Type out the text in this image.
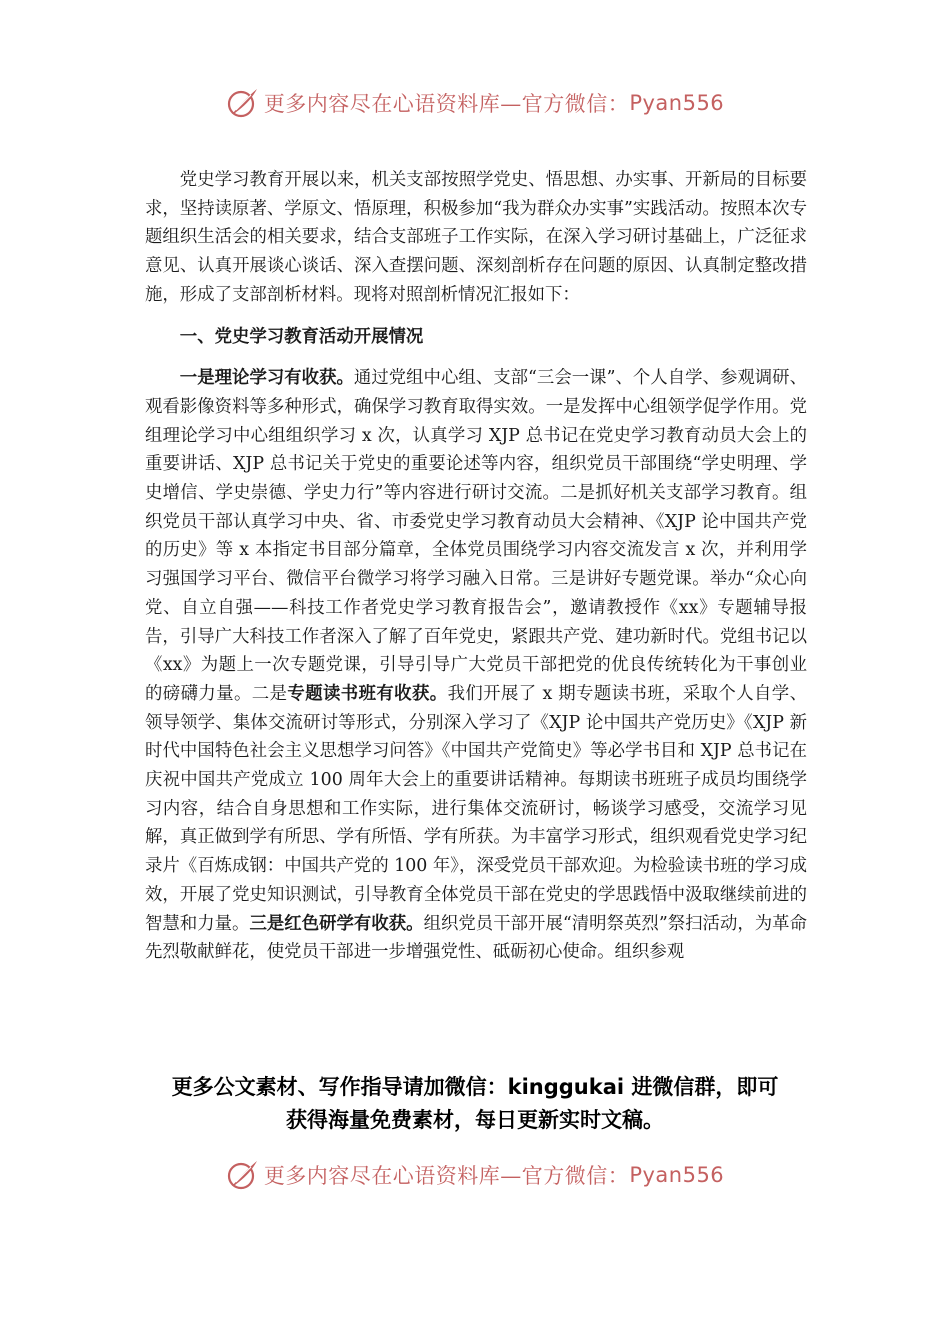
更多内容尽在心语资料库—官方微信： Pyan556

党史学习教育开展以来，机关支部按照学党史、悟思想、办实事、开新局的目标要求，坚持读原著、学原文、悟原理，积极参加“我为群众办实事”实践活动。按照本次专题组织生活会的相关要求，结合支部班子工作实际，在深入学习研讨基础上，广泛征求意见、认真开展谈心谈话、深入查摆问题、深刻剖析存在问题的原因、认真制定整改措施，形成了支部剖析材料。现将对照剖析情况汇报如下：

一、党史学习教育活动开展情况

一是理论学习有收获。通过党组中心组、支部“三会一课”、个人自学、参观调研、观看影像资料等多种形式，确保学习教育取得实效。一是发挥中心组领学促学作用。党组理论学习中心组组织学习 x 次，认真学习 XJP 总书记在党史学习教育动员大会上的重要讲话、XJP 总书记关于党史的重要论述等内容，组织党员干部围绕“学史明理、学史增信、学史崇德、学史力行”等内容进行研讨交流。二是抓好机关支部学习教育。组织党员干部认真学习中央、省、市委党史学习教育动员大会精神、《XJP 论中国共产党的历史》等 x 本指定书目部分篇章，全体党员围绕学习内容交流发言 x 次，并利用学习强国学习平台、微信平台微学习将学习融入日常。三是讲好专题党课。举办“众心向党、自立自强——科技工作者党史学习教育报告会”，邀请教授作《xx》专题辅导报告，引导广大科技工作者深入了解了百年党史，紧跟共产党、建功新时代。党组书记以《xx》为题上一次专题党课，引导引导广大党员干部把党的优良传统转化为干事创业的磅礴力量。二是专题读书班有收获。我们开展了 x 期专题读书班，采取个人自学、领导领学、集体交流研讨等形式，分别深入学习了《XJP 论中国共产党历史》《XJP 新时代中国特色社会主义思想学习问答》《中国共产党简史》等必学书目和 XJP 总书记在庆祝中国共产党成立 100 周年大会上的重要讲话精神。每期读书班班子成员均围绕学习内容，结合自身思想和工作实际，进行集体交流研讨，畅谈学习感受，交流学习见解，真正做到学有所思、学有所悟、学有所获。为丰富学习形式，组织观看党史学习纪录片《百炼成钢：中国共产党的 100 年》，深受党员干部欢迎。为检验读书班的学习成效，开展了党史知识测试，引导教育全体党员干部在党史的学思践悟中汲取继续前进的智慧和力量。三是红色研学有收获。组织党员干部开展“清明祭英烈”祭扫活动，为革命先烈敬献鲜花，使党员干部进一步增强党性、砥砺初心使命。组织参观

更多公文素材、写作指导请加微信：kinggukai 进微信群，即可
获得海量免费素材，每日更新实时文稿。
更多内容尽在心语资料库—官方微信： Pyan556
